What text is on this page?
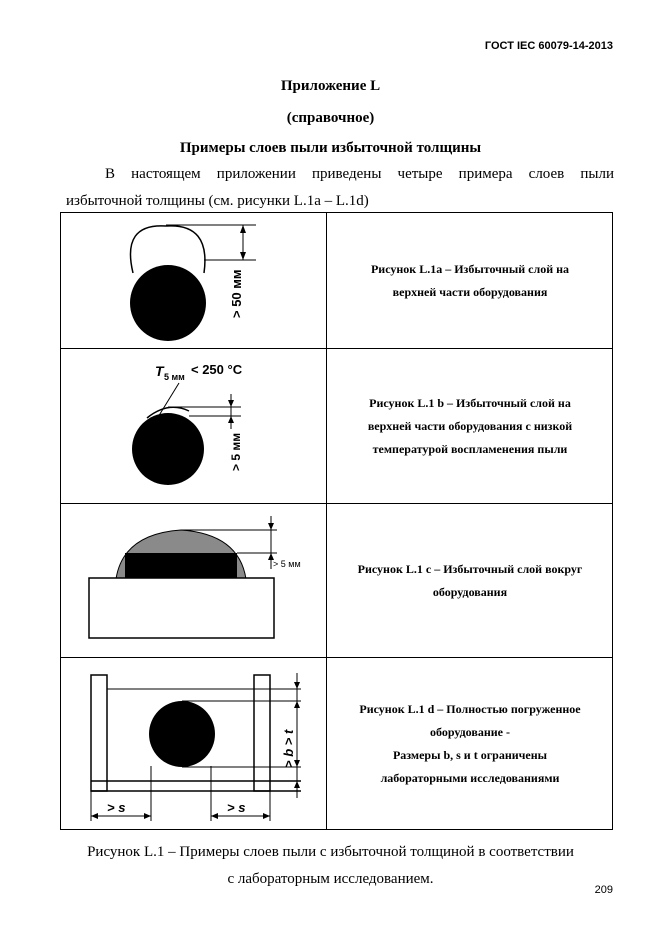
ГОСТ IEC 60079-14-2013
Приложение L
(справочное)
Примеры слоев пыли избыточной толщины
В настоящем приложении приведены четыре примера слоев пыли
избыточной толщины (см. рисунки L.1a – L.1d)
> 50 мм
Рисунок L.1a – Избыточный слой на
верхней части оборудования
T 5 мм < 250 °С
> 5 мм
Рисунок L.1 b – Избыточный слой на
верхней части оборудования с низкой
температурой воспламенения пыли
> 5 мм	Рисунок L.1 c – Избыточный слой вокруг
оборудования
> b > t
> s	> s
Рисунок L.1 d – Полностью погруженное
оборудование -
Размеры b, s и t ограничены
лабораторными исследованиями
Рисунок L.1 – Примеры слоев пыли с избыточной толщиной в соответствии
с лабораторным исследованием.
209
